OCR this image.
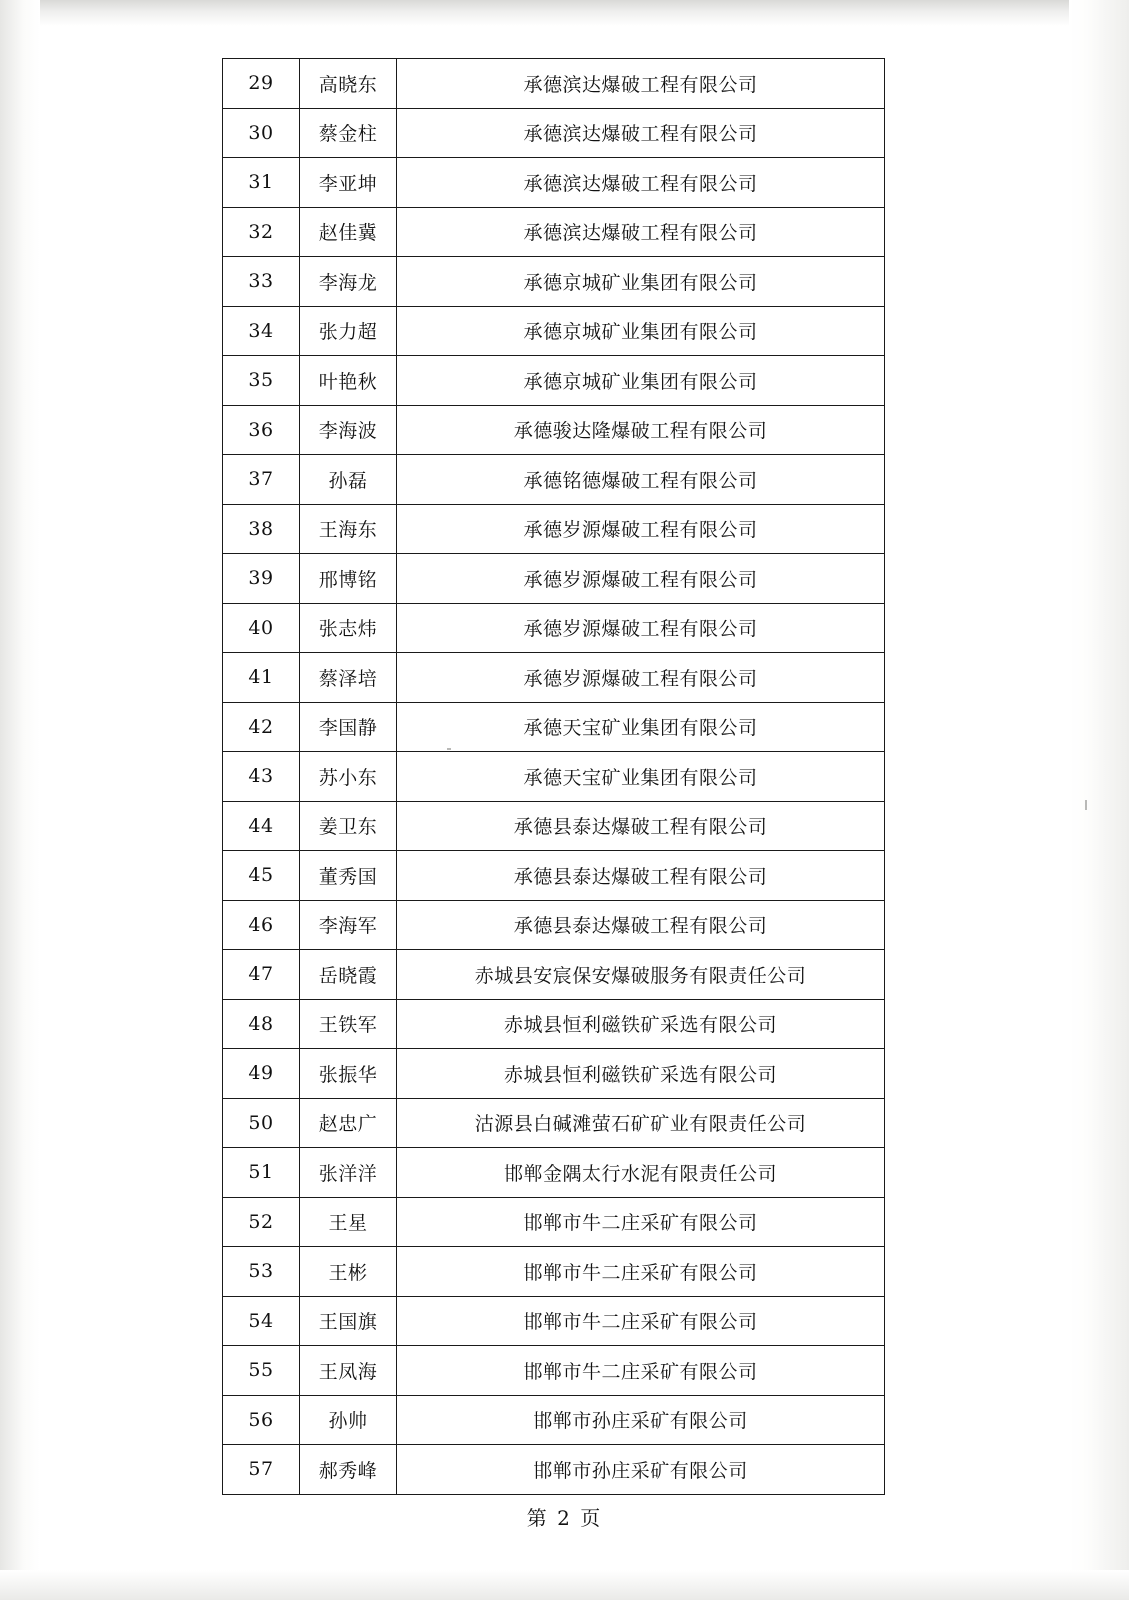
29	高晓东	承德滨达爆破工程有限公司
30	蔡金柱	承德滨达爆破工程有限公司
31	李亚坤	承德滨达爆破工程有限公司
32	赵佳冀	承德滨达爆破工程有限公司
33	李海龙	承德京城矿业集团有限公司
34	张力超	承德京城矿业集团有限公司
35	叶艳秋	承德京城矿业集团有限公司
36	李海波	承德骏达隆爆破工程有限公司
37	孙磊	承德铭德爆破工程有限公司
38	王海东	承德岁源爆破工程有限公司
39	邢博铭	承德岁源爆破工程有限公司
40	张志炜	承德岁源爆破工程有限公司
41	蔡泽培	承德岁源爆破工程有限公司
42	李国静	承德天宝矿业集团有限公司
43	苏小东	承德天宝矿业集团有限公司
44	姜卫东	承德县泰达爆破工程有限公司
45	董秀国	承德县泰达爆破工程有限公司
46	李海军	承德县泰达爆破工程有限公司
47	岳晓霞	赤城县安宸保安爆破服务有限责任公司
48	王铁军	赤城县恒利磁铁矿采选有限公司
49	张振华	赤城县恒利磁铁矿采选有限公司
50	赵忠广	沽源县白碱滩萤石矿矿业有限责任公司
51	张洋洋	邯郸金隅太行水泥有限责任公司
52	王星	邯郸市牛二庄采矿有限公司
53	王彬	邯郸市牛二庄采矿有限公司
54	王国旗	邯郸市牛二庄采矿有限公司
55	王凤海	邯郸市牛二庄采矿有限公司
56	孙帅	邯郸市孙庄采矿有限公司
57	郝秀峰	邯郸市孙庄采矿有限公司
第 2 页
